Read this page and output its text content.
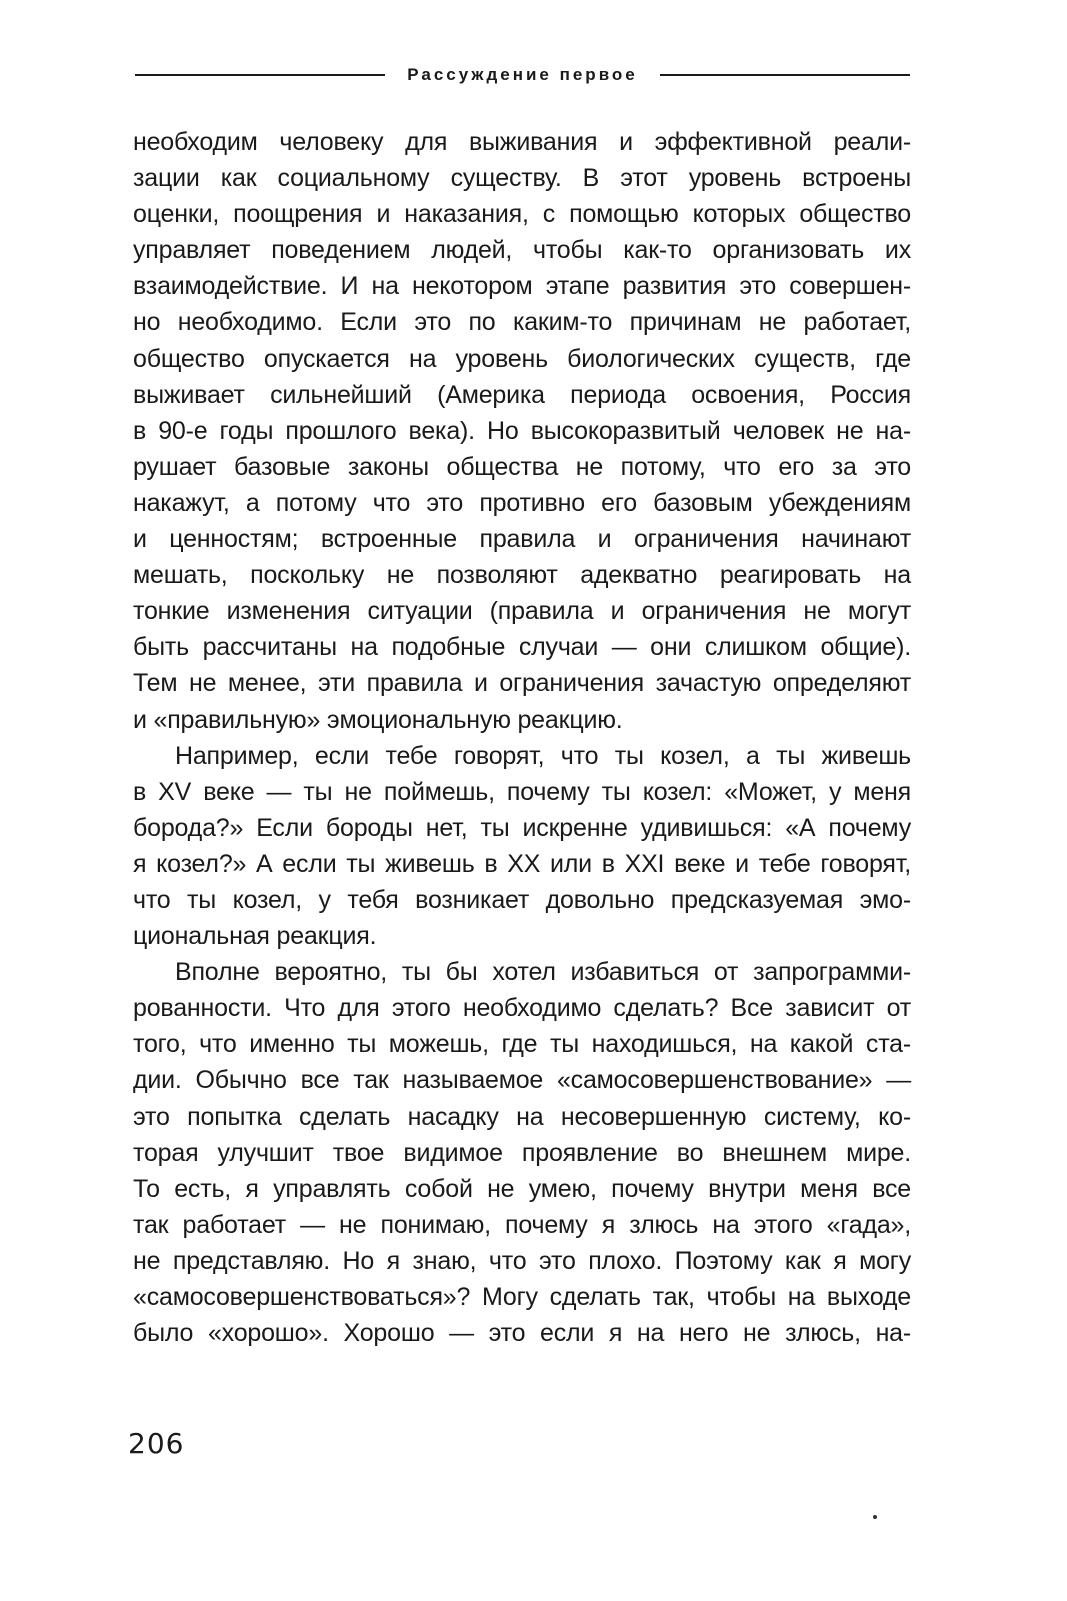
Рассуждение первое

необходим человеку для выживания и эффективной реали-
зации как социальному существу. В этот уровень встроены
оценки, поощрения и наказания, с помощью которых общество
управляет поведением людей, чтобы как-то организовать их
взаимодействие. И на некотором этапе развития это совершен-
но необходимо. Если это по каким-то причинам не работает,
общество опускается на уровень биологических существ, где
выживает сильнейший (Америка периода освоения, Россия
в 90-е годы прошлого века). Но высокоразвитый человек не на-
рушает базовые законы общества не потому, что его за это
накажут, а потому что это противно его базовым убеждениям
и ценностям; встроенные правила и ограничения начинают
мешать, поскольку не позволяют адекватно реагировать на
тонкие изменения ситуации (правила и ограничения не могут
быть рассчитаны на подобные случаи — они слишком общие).
Тем не менее, эти правила и ограничения зачастую определяют
и «правильную» эмоциональную реакцию.

Например, если тебе говорят, что ты козел, а ты живешь
в XV веке — ты не поймешь, почему ты козел: «Может, у меня
борода?» Если бороды нет, ты искренне удивишься: «А почему
я козел?» А если ты живешь в XX или в XXI веке и тебе говорят,
что ты козел, у тебя возникает довольно предсказуемая эмо-
циональная реакция.

Вполне вероятно, ты бы хотел избавиться от запрограмми-
рованности. Что для этого необходимо сделать? Все зависит от
того, что именно ты можешь, где ты находишься, на какой ста-
дии. Обычно все так называемое «самосовершенствование» —
это попытка сделать насадку на несовершенную систему, ко-
торая улучшит твое видимое проявление во внешнем мире.
То есть, я управлять собой не умею, почему внутри меня все
так работает — не понимаю, почему я злюсь на этого «гада»,
не представляю. Но я знаю, что это плохо. Поэтому как я могу
«самосовершенствоваться»? Могу сделать так, чтобы на выходе
было «хорошо». Хорошо — это если я на него не злюсь, на-

206
